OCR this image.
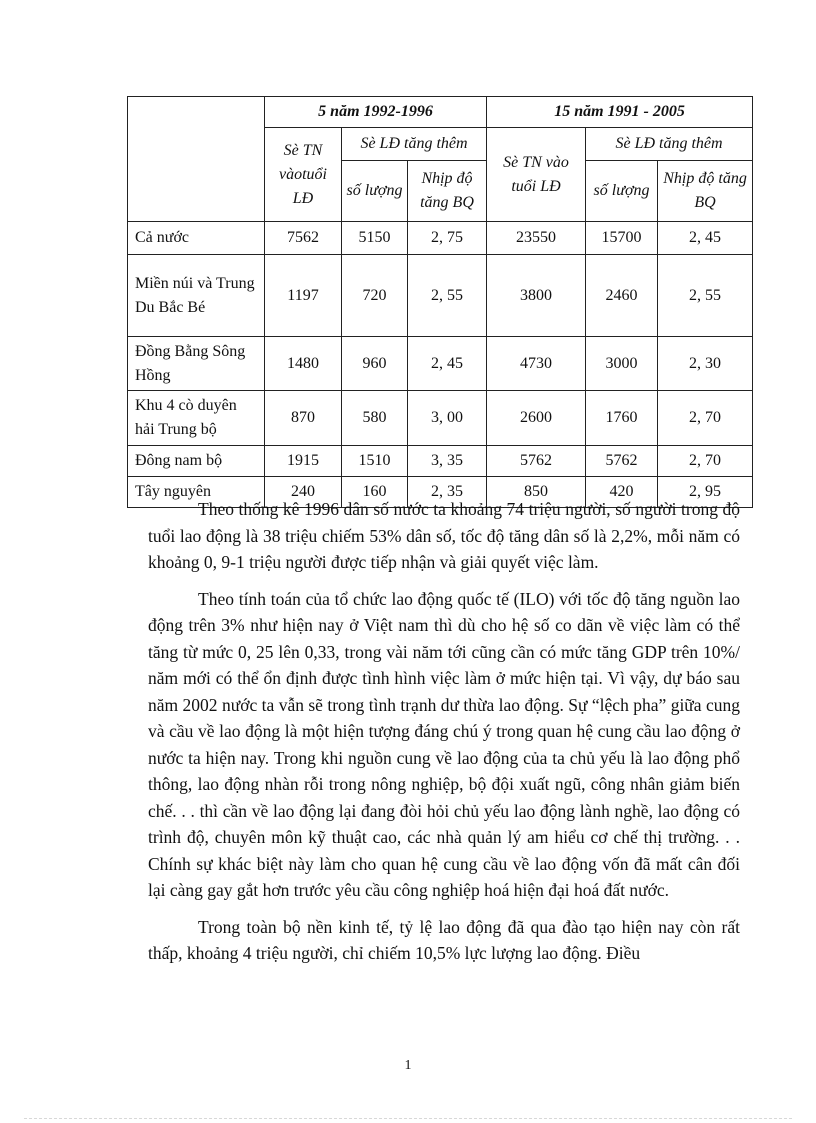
	5 năm 1992-1996			15 năm 1991 - 2005		
	Sè TN vàotuổi LĐ	Sè LĐ tăng thêm		Sè TN vào tuổi LĐ	Sè LĐ tăng thêm	
		số lượng	Nhịp độ tăng BQ		số lượng	Nhịp độ tăng BQ
Cả nước	7562	5150	2, 75	23550	15700	2, 45
Miền núi và Trung Du Bắc Bé	1197	720	2, 55	3800	2460	2, 55
Đồng Bằng Sông Hồng	1480	960	2, 45	4730	3000	2, 30
Khu 4 cò duyên hải Trung bộ	870	580	3, 00	2600	1760	2, 70
Đông nam bộ	1915	1510	3, 35	5762	5762	2, 70
Tây nguyên	240	160	2, 35	850	420	2, 95

Theo thống kê 1996 dân số nước ta khoảng 74 triệu người, số người trong độ tuổi lao động là 38 triệu chiếm 53% dân số, tốc độ tăng dân số là 2,2%, mỗi năm có khoảng 0, 9-1 triệu người được tiếp nhận và giải quyết việc làm.

Theo tính toán của tổ chức lao động quốc tế (ILO) với tốc độ tăng nguồn lao động trên 3% như hiện nay ở Việt nam thì dù cho hệ số co dãn về việc làm có thể tăng từ mức 0, 25 lên 0,33, trong vài năm tới cũng cần có mức tăng GDP trên 10%/ năm mới có thể ổn định được tình hình việc làm ở mức hiện tại. Vì vậy, dự báo sau năm 2002 nước ta vẫn sẽ trong tình trạnh dư thừa lao động. Sự “lệch pha” giữa cung và cầu về lao động là một hiện tượng đáng chú ý trong quan hệ cung cầu lao động ở nước ta hiện nay. Trong khi nguồn cung về lao động của ta chủ yếu là lao động phổ thông, lao động nhàn rỗi trong nông nghiệp, bộ đội xuất ngũ, công nhân giảm biến chế. . . thì cần về lao động lại đang đòi hỏi chủ yếu lao động lành nghề, lao động có trình độ, chuyên môn kỹ thuật cao, các nhà quản lý am hiểu cơ chế thị trường. . . Chính sự khác biệt này làm cho quan hệ cung cầu về lao động vốn đã mất cân đối lại càng gay gắt hơn trước yêu cầu công nghiệp hoá hiện đại hoá đất nước.

Trong toàn bộ nền kinh tế, tỷ lệ lao động đã qua đào tạo hiện nay còn rất thấp, khoảng 4 triệu người, chỉ chiếm 10,5% lực lượng lao động. Điều

1
